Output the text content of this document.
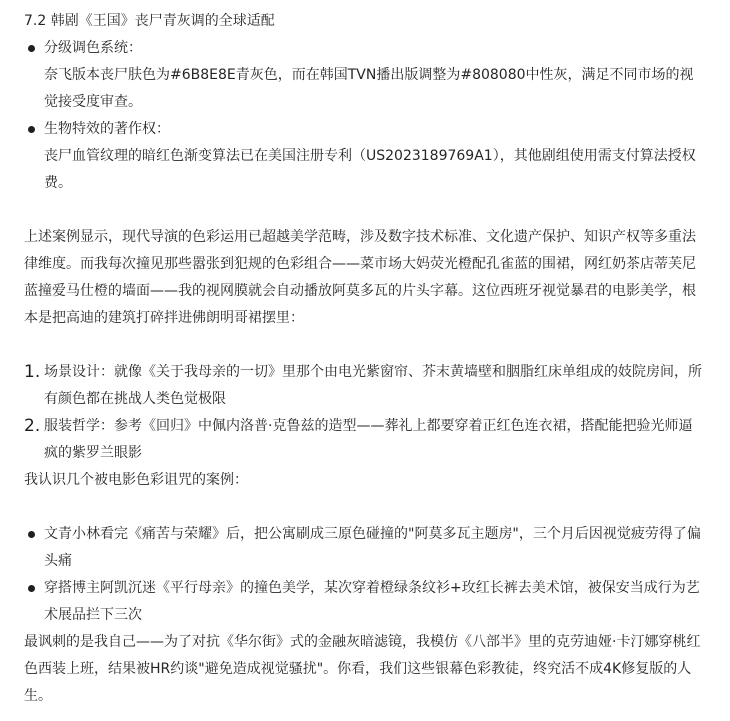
7.2 韩剧《王国》丧尸青灰调的全球适配
分级调色系统：
奈飞版本丧尸肤色为#6B8E8E青灰色，而在韩国TVN播出版调整为#808080中性灰，满足不同市场的视觉接受度审查。
生物特效的著作权：
丧尸血管纹理的暗红色渐变算法已在美国注册专利（US2023189769A1），其他剧组使用需支付算法授权费。

上述案例显示，现代导演的色彩运用已超越美学范畴，涉及数字技术标准、文化遗产保护、知识产权等多重法律维度。而我每次撞见那些嚣张到犯规的色彩组合——菜市场大妈荧光橙配孔雀蓝的围裙，网红奶茶店蒂芙尼蓝撞爱马仕橙的墙面——我的视网膜就会自动播放阿莫多瓦的片头字幕。这位西班牙视觉暴君的电影美学，根本是把高迪的建筑打碎拌进佛朗明哥裙摆里：

1. 场景设计：就像《关于我母亲的一切》里那个由电光紫窗帘、芥末黄墙壁和胭脂红床单组成的妓院房间，所有颜色都在挑战人类色觉极限
2. 服装哲学：参考《回归》中佩内洛普·克鲁兹的造型——葬礼上都要穿着正红色连衣裙，搭配能把验光师逼疯的紫罗兰眼影

我认识几个被电影色彩诅咒的案例：

文青小林看完《痛苦与荣耀》后，把公寓刷成三原色碰撞的"阿莫多瓦主题房"，三个月后因视觉疲劳得了偏头痛
穿搭博主阿凯沉迷《平行母亲》的撞色美学，某次穿着橙绿条纹衫+玫红长裤去美术馆，被保安当成行为艺术展品拦下三次

最讽刺的是我自己——为了对抗《华尔街》式的金融灰暗滤镜，我模仿《八部半》里的克劳迪娅·卡汀娜穿桃红色西装上班，结果被HR约谈"避免造成视觉骚扰"。你看，我们这些银幕色彩教徒，终究活不成4K修复版的人生。
